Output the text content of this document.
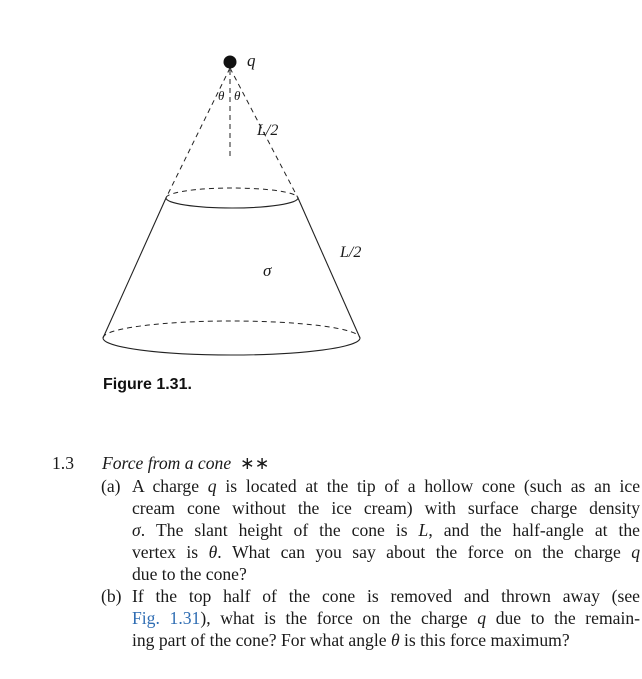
q
θ θ
L/2
L/2
σ
Figure 1.31.
1.3 Force from a cone ∗∗
(a) A charge q is located at the tip of a hollow cone (such as an ice
cream cone without the ice cream) with surface charge density
σ. The slant height of the cone is L, and the half-angle at the
vertex is θ. What can you say about the force on the charge q
due to the cone?
(b) If the top half of the cone is removed and thrown away (see
Fig. 1.31), what is the force on the charge q due to the remain-
ing part of the cone? For what angle θ is this force maximum?
